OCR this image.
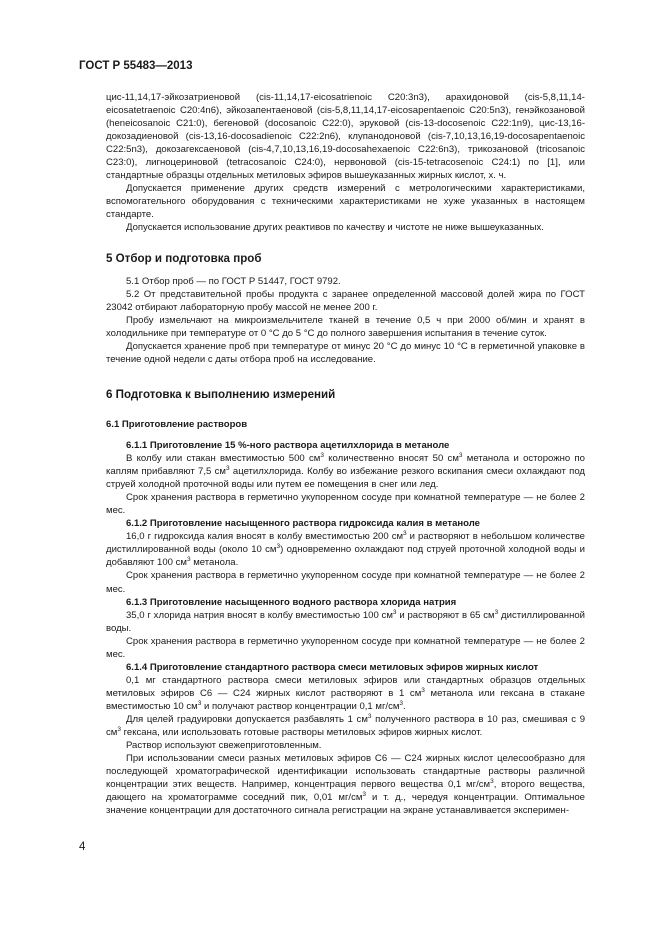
ГОСТ Р 55483—2013
цис-11,14,17-эйкозатриеновой (cis-11,14,17-eicosatrienoic C20:3n3), арахидоновой (cis-5,8,11,14-eicosatetraenoic C20:4n6), эйкозапентаеновой (cis-5,8,11,14,17-eicosapentaenoic C20:5n3), генэйкозановой (heneicosanoic C21:0), бегеновой (docosanoic C22:0), эруковой (cis-13-docosenoic C22:1n9), цис-13,16-докозадиеновой (cis-13,16-docosadienoic C22:2n6), клупанодоновой (cis-7,10,13,16,19-docosapentaenoic C22:5n3), докозагексаеновой (cis-4,7,10,13,16,19-docosahexaenoic C22:6n3), трикозановой (tricosanoic C23:0), лигноцериновой (tetracosanoic C24:0), нервоновой (cis-15-tetracosenoic C24:1) по [1], или стандартные образцы отдельных метиловых эфиров вышеуказанных жирных кислот, х. ч.
Допускается применение других средств измерений с метрологическими характеристиками, вспомогательного оборудования с техническими характеристиками не хуже указанных в настоящем стандарте.
Допускается использование других реактивов по качеству и чистоте не ниже вышеуказанных.
5 Отбор и подготовка проб
5.1 Отбор проб — по ГОСТ Р 51447, ГОСТ 9792.
5.2 От представительной пробы продукта с заранее определенной массовой долей жира по ГОСТ 23042 отбирают лабораторную пробу массой не менее 200 г.
Пробу измельчают на микроизмельчителе тканей в течение 0,5 ч при 2000 об/мин и хранят в холодильнике при температуре от 0 °С до 5 °С до полного завершения испытания в течение суток.
Допускается хранение проб при температуре от минус 20 °С до минус 10 °С в герметичной упаковке в течение одной недели с даты отбора проб на исследование.
6 Подготовка к выполнению измерений
6.1 Приготовление растворов
6.1.1 Приготовление 15 %-ного раствора ацетилхлорида в метаноле
В колбу или стакан вместимостью 500 $см^3$ количественно вносят 50 $см^3$ метанола и осторожно по каплям прибавляют 7,5 $см^3$ ацетилхлорида. Колбу во избежание резкого вскипания смеси охлаждают под струей холодной проточной воды или путем ее помещения в снег или лед.
Срок хранения раствора в герметично укупоренном сосуде при комнатной температуре — не более 2 мес.
6.1.2 Приготовление насыщенного раствора гидроксида калия в метаноле
16,0 г гидроксида калия вносят в колбу вместимостью 200 $см^3$ и растворяют в небольшом количестве дистиллированной воды (около 10 $см^3$) одновременно охлаждают под струей проточной холодной воды и добавляют 100 $см^3$ метанола.
Срок хранения раствора в герметично укупоренном сосуде при комнатной температуре — не более 2 мес.
6.1.3 Приготовление насыщенного водного раствора хлорида натрия
35,0 г хлорида натрия вносят в колбу вместимостью 100 $см^3$ и растворяют в 65 $см^3$ дистиллированной воды.
Срок хранения раствора в герметично укупоренном сосуде при комнатной температуре — не более 2 мес.
6.1.4 Приготовление стандартного раствора смеси метиловых эфиров жирных кислот
0,1 мг стандартного раствора смеси метиловых эфиров или стандартных образцов отдельных метиловых эфиров С6 — С24 жирных кислот растворяют в 1 $см^3$ метанола или гексана в стакане вместимостью 10 $см^3$ и получают раствор концентрации 0,1 $мг/см^3$.
Для целей градуировки допускается разбавлять 1 $см^3$ полученного раствора в 10 раз, смешивая с 9 $см^3$ гексана, или использовать готовые растворы метиловых эфиров жирных кислот.
Раствор используют свежеприготовленным.
При использовании смеси разных метиловых эфиров С6 — С24 жирных кислот целесообразно для последующей хроматографической идентификации использовать стандартные растворы различной концентрации этих веществ. Например, концентрация первого вещества 0,1 $мг/см^3$, второго вещества, дающего на хроматограмме соседний пик, 0,01 $мг/см^3$ и т. д., чередуя концентрации. Оптимальное значение концентрации для достаточного сигнала регистрации на экране устанавливается эксперимен-
4
